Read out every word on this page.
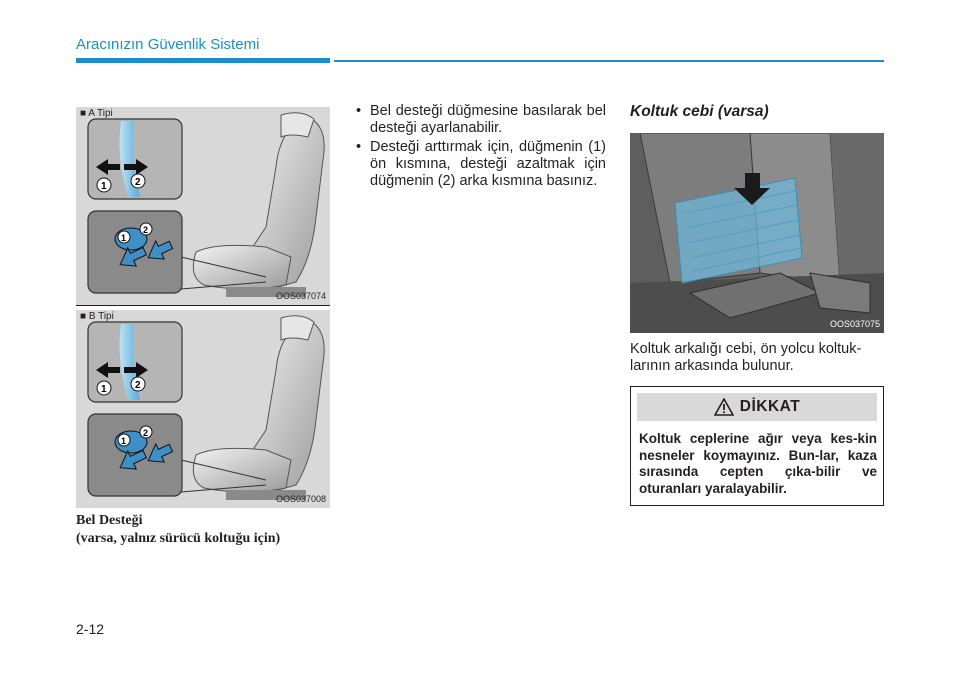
Aracınızın Güvenlik Sistemi
1	2
1
2
■ A Tipi
OOS037074
1	2
1
2
■ B Tipi
OOS037008
Bel Desteği
(varsa, yalnız sürücü koltuğu için)
• Bel desteği düğmesine basılarak bel desteği ayarlanabilir.
• Desteği arttırmak için, düğmenin (1) ön kısmına, desteği azaltmak için düğmenin (2) arka kısmına basınız.
Koltuk cebi (varsa)
OOS037075
Koltuk arkalığı cebi, ön yolcu koltuk-larının arkasında bulunur.
DİKKAT
Koltuk ceplerine ağır veya kes-kin nesneler koymayınız. Bun-lar, kaza sırasında cepten çıka-bilir ve oturanları yaralayabilir.
2-12
